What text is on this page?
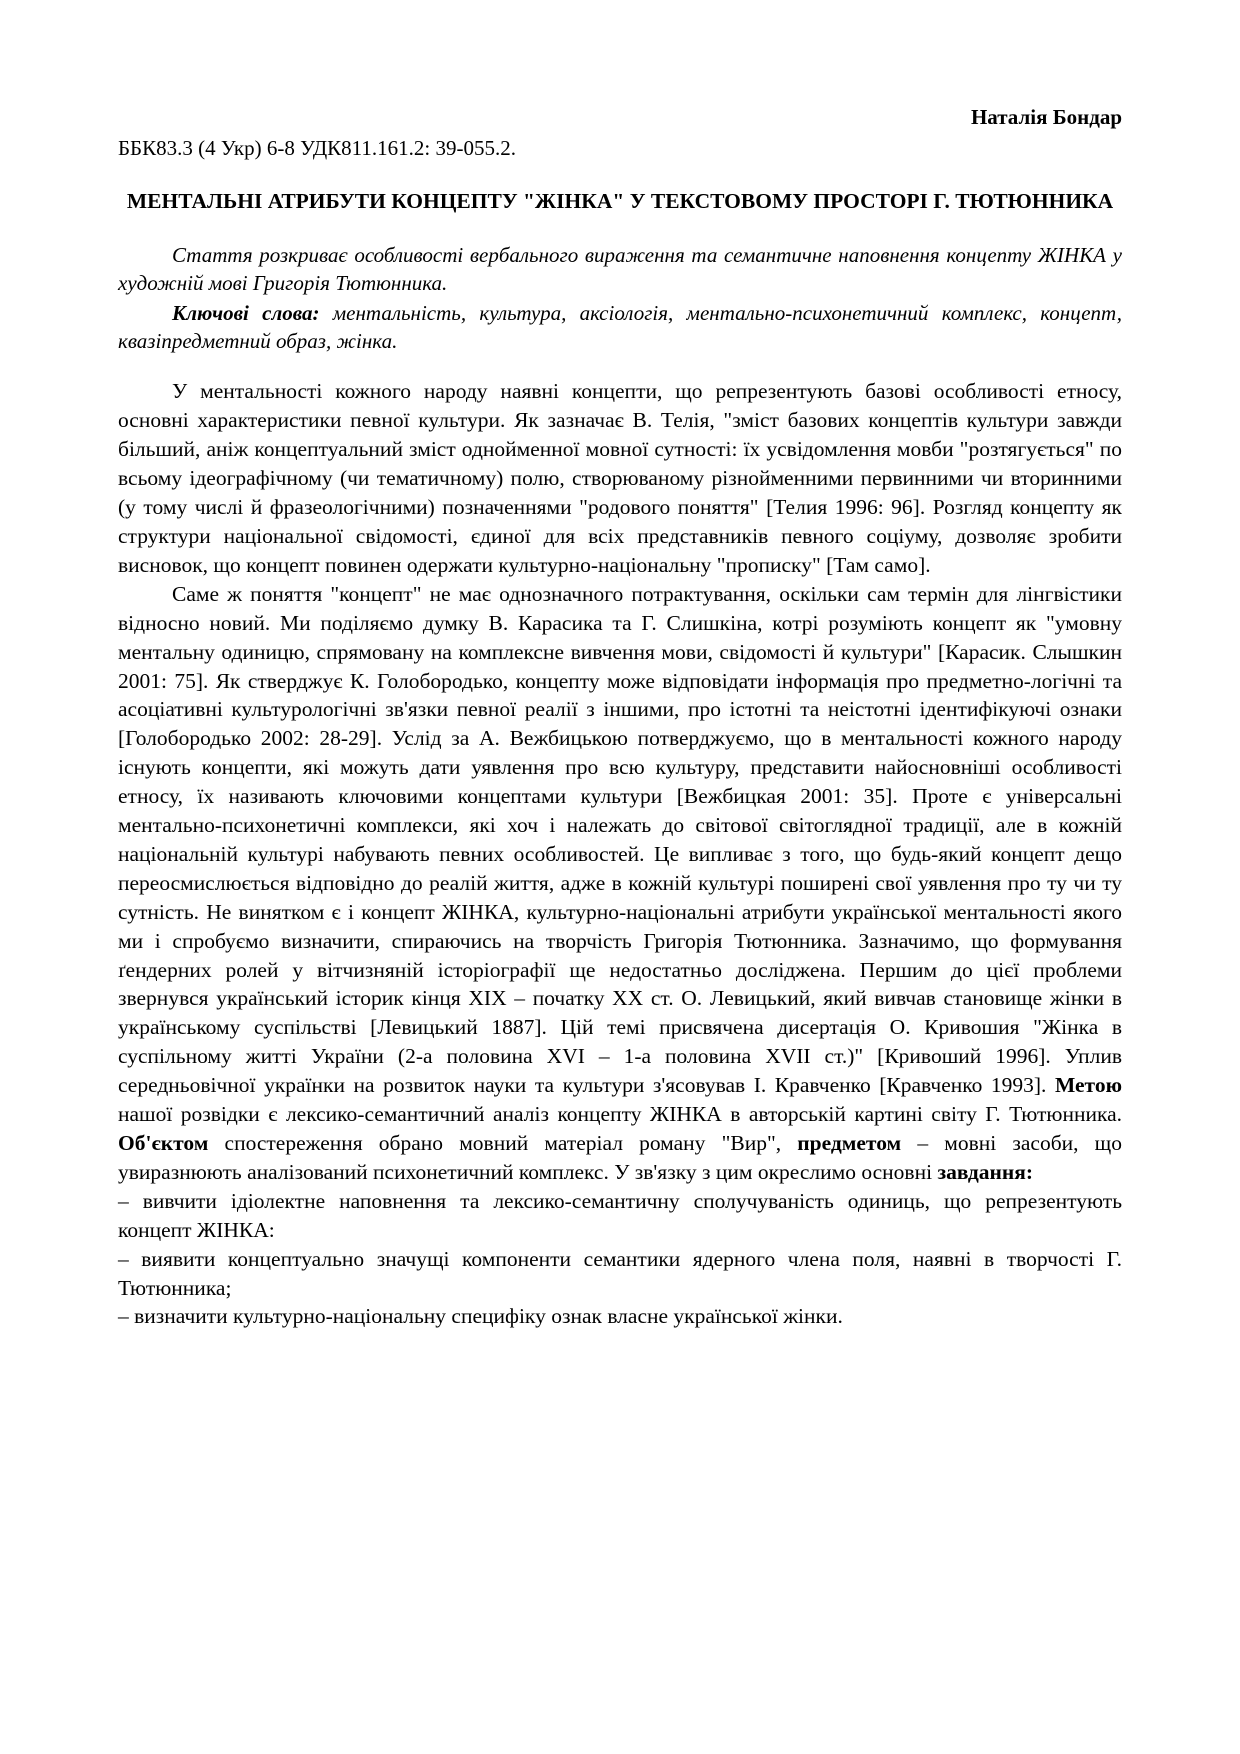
Наталія Бондар
ББК83.3 (4 Укр) 6-8 УДК811.161.2: 39-055.2.
МЕНТАЛЬНІ АТРИБУТИ КОНЦЕПТУ "ЖІНКА" У ТЕКСТОВОМУ ПРОСТОРІ Г. ТЮТЮННИКА

Стаття розкриває особливості вербального вираження та семантичне наповнення концепту ЖІНКА у художній мові Григорія Тютюнника.

Ключові слова: ментальність, культура, аксіологія, ментально-психонетичний комплекс, концепт, квазіпредметний образ, жінка.

У ментальності кожного народу наявні концепти, що репрезентують базові особливості етносу, основні характеристики певної культури. Як зазначає В. Телія, "зміст базових концептів культури завжди більший, аніж концептуальний зміст однойменної мовної сутності: їх усвідомлення мовби "розтягується" по всьому ідеографічному (чи тематичному) полю, створюваному різнойменними первинними чи вторинними (у тому числі й фразеологічними) позначеннями "родового поняття" [Телия 1996: 96]. Розгляд концепту як структури національної свідомості, єдиної для всіх представників певного соціуму, дозволяє зробити висновок, що концепт повинен одержати культурно-національну "прописку" [Там само].

Саме ж поняття "концепт" не має однозначного потрактування, оскільки сам термін для лінгвістики відносно новий. Ми поділяємо думку В. Карасика та Г. Слишкіна, котрі розуміють концепт як "умовну ментальну одиницю, спрямовану на комплексне вивчення мови, свідомості й культури" [Карасик. Слышкин 2001: 75]. Як стверджує К. Голобородько, концепту може відповідати інформація про предметно-логічні та асоціативні культурологічні зв'язки певної реалії з іншими, про істотні та неістотні ідентифікуючі ознаки [Голобородько 2002: 28-29]. Услід за А. Вежбицькою потверджуємо, що в ментальності кожного народу існують концепти, які можуть дати уявлення про всю культуру, представити найосновніші особливості етносу, їх називають ключовими концептами культури [Вежбицкая 2001: 35]. Проте є універсальні ментально-психонетичні комплекси, які хоч і належать до світової світоглядної традиції, але в кожній національній культурі набувають певних особливостей. Це випливає з того, що будь-який концепт дещо переосмислюється відповідно до реалій життя, адже в кожній культурі поширені свої уявлення про ту чи ту сутність. Не винятком є і концепт ЖІНКА, культурно-національні атрибути української ментальності якого ми і спробуємо визначити, спираючись на творчість Григорія Тютюнника. Зазначимо, що формування ґендерних ролей у вітчизняній історіографії ще недостатньо досліджена. Першим до цієї проблеми звернувся український історик кінця XIX – початку XX ст. О. Левицький, який вивчав становище жінки в українському суспільстві [Левицький 1887]. Цій темі присвячена дисертація О. Кривошия "Жінка в суспільному житті України (2-а половина XVI – 1-а половина XVII ст.)" [Кривоший 1996]. Уплив середньовічної українки на розвиток науки та культури з'ясовував І. Кравченко [Кравченко 1993]. Метою нашої розвідки є лексико-семантичний аналіз концепту ЖІНКА в авторській картині світу Г. Тютюнника. Об'єктом спостереження обрано мовний матеріал роману "Вир", предметом – мовні засоби, що увиразнюють аналізований психонетичний комплекс. У зв'язку з цим окреслимо основні завдання:

– вивчити ідіолектне наповнення та лексико-семантичну сполучуваність одиниць, що репрезентують концепт ЖІНКА:

– виявити концептуально значущі компоненти семантики ядерного члена поля, наявні в творчості Г. Тютюнника;

– визначити культурно-національну специфіку ознак власне української жінки.
